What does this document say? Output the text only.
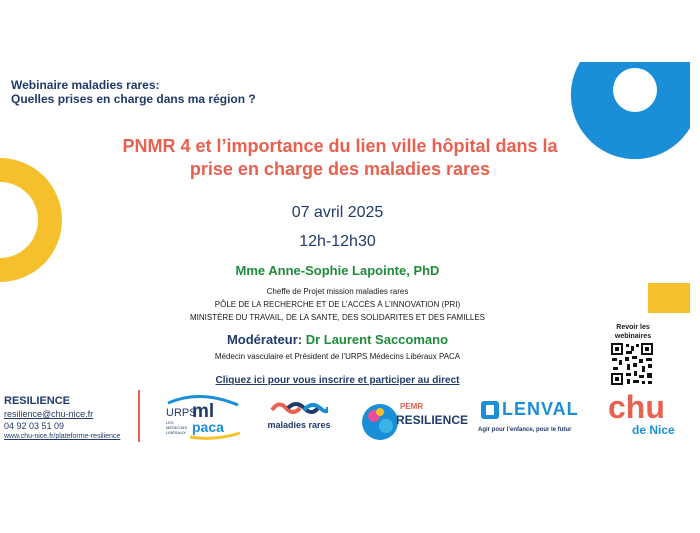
Webinaire maladies rares:
Quelles prises en charge dans ma région ?
PNMR 4 et l’importance du lien ville hôpital dans la
prise en charge des maladies rares
07 avril 2025
12h-12h30
Mme Anne-Sophie Lapointe, PhD
Cheffe de Projet mission maladies rares
PÔLE DE LA RECHERCHE ET DE L’ACCÈS À L’INNOVATION (PRI)
MINISTÈRE DU TRAVAIL, DE LA SANTE, DES SOLIDARITES ET DES FAMILLES
Modérateur: Dr Laurent Saccomano
Médecin vasculaire et Président de l’URPS Médecins Libéraux PACA
Cliquez ici pour vous inscrire et participer au direct
RESILIENCE
resilience@chu-nice.fr
04 92 03 51 09
www.chu-nice.fr/plateforme-resilience
Revoir les
webinaires
URPS
ml
paca
LES
MÉDECINS
LIBÉRAUX
maladies rares
PEMR
RESILIENCE
LENVAL
Agir pour l’enfance, pour le futur
chu
de Nice
